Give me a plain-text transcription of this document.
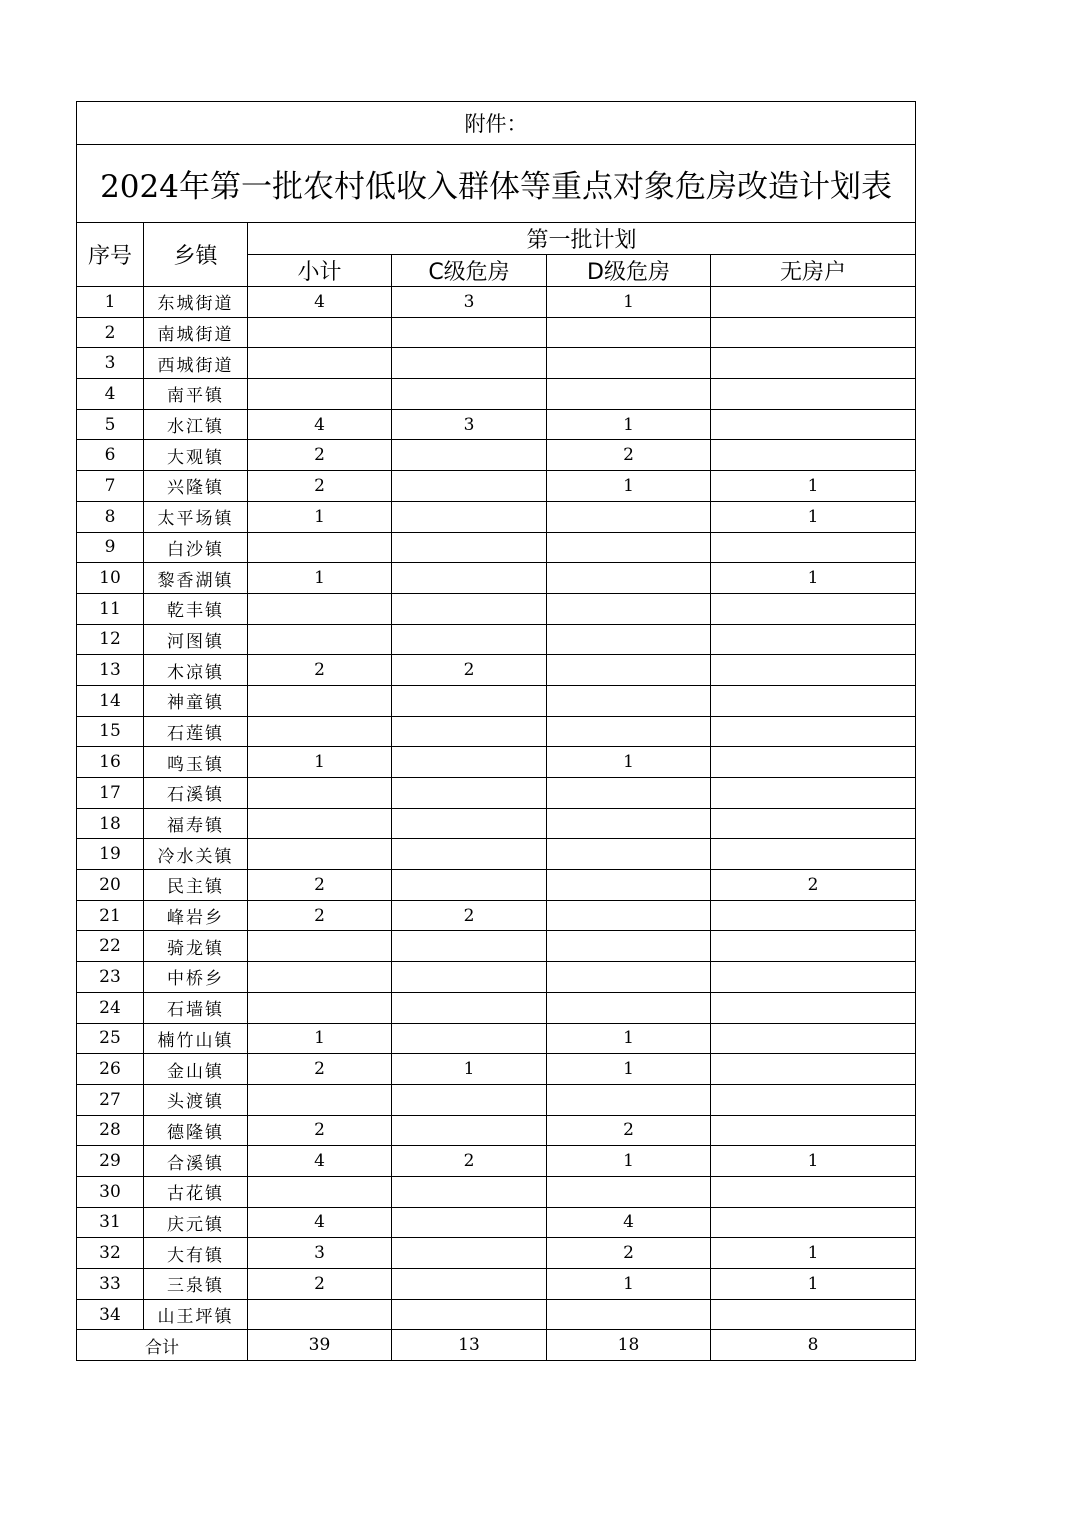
附件：					
2024年第一批农村低收入群体等重点对象危房改造计划表					
序号	乡镇	第一批计划			
		小计	C级危房	D级危房	无房户
1	东城街道	4	3	1	
2	南城街道				
3	西城街道				
4	南平镇				
5	水江镇	4	3	1	
6	大观镇	2		2	
7	兴隆镇	2		1	1
8	太平场镇	1			1
9	白沙镇				
10	黎香湖镇	1			1
11	乾丰镇				
12	河图镇				
13	木凉镇	2	2		
14	神童镇				
15	石莲镇				
16	鸣玉镇	1		1	
17	石溪镇				
18	福寿镇				
19	冷水关镇				
20	民主镇	2			2
21	峰岩乡	2	2		
22	骑龙镇				
23	中桥乡				
24	石墙镇				
25	楠竹山镇	1		1	
26	金山镇	2	1	1	
27	头渡镇				
28	德隆镇	2		2	
29	合溪镇	4	2	1	1
30	古花镇				
31	庆元镇	4		4	
32	大有镇	3		2	1
33	三泉镇	2		1	1
34	山王坪镇				
合计		39	13	18	8
